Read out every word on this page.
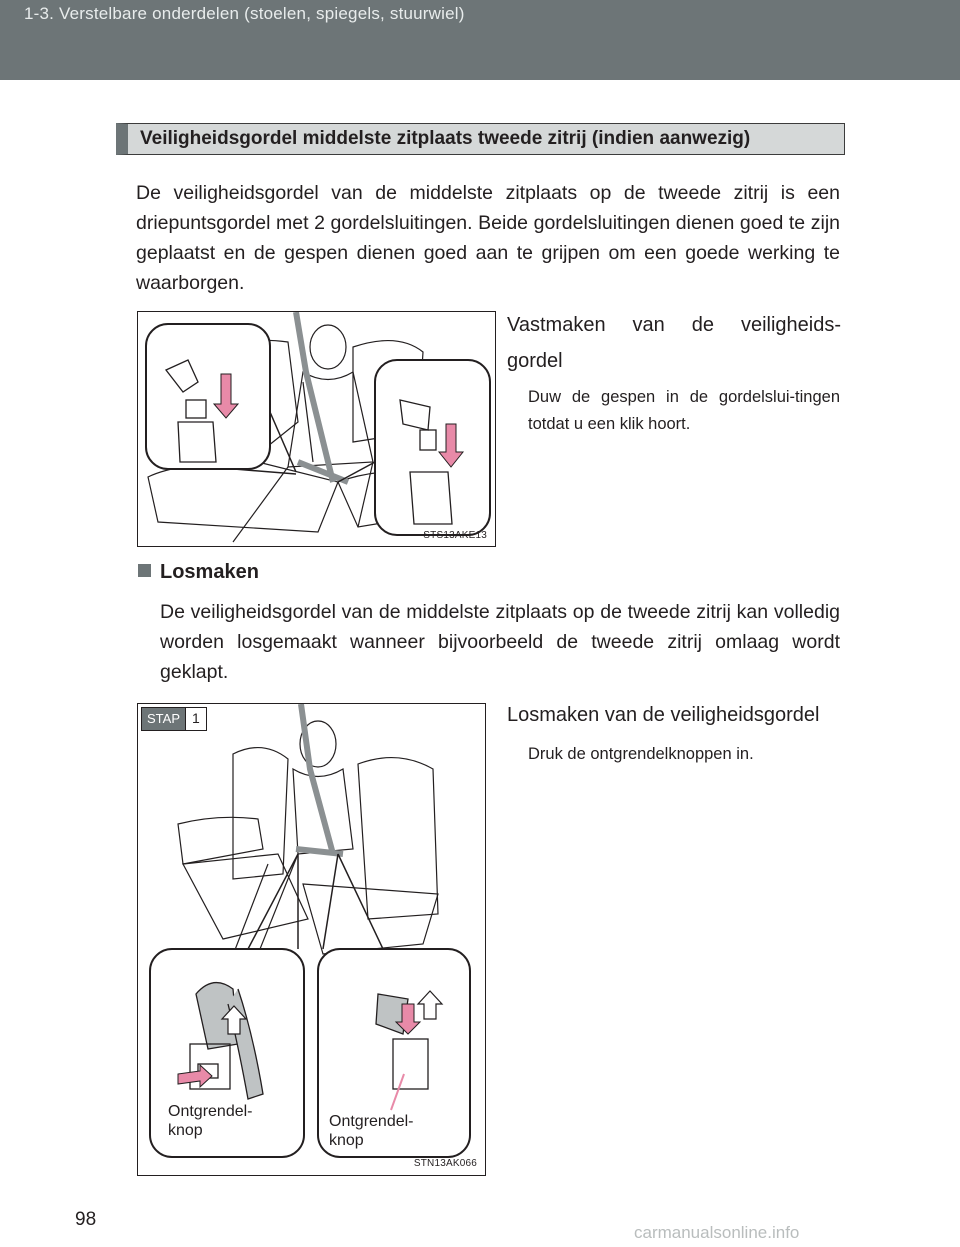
1-3. Verstelbare onderdelen (stoelen, spiegels, stuurwiel)
Veiligheidsgordel middelste zitplaats tweede zitrij (indien aanwezig)
De veiligheidsgordel van de middelste zitplaats op de tweede zitrij is een driepuntsgordel met 2 gordelsluitingen. Beide gordelsluitingen dienen goed te zijn geplaatst en de gespen dienen goed aan te grijpen om een goede werking te waarborgen.
STS13AKE13
Vastmaken van de veiligheids-
gordel
Duw de gespen in de gordelslui-tingen totdat u een klik hoort.
Losmaken
De veiligheidsgordel van de middelste zitplaats op de tweede zitrij kan volledig worden losgemaakt wanneer bijvoorbeeld de tweede zitrij omlaag wordt geklapt.
STAP 1
Ontgrendel-
knop
Ontgrendel-
knop
STN13AK066
Losmaken van de veiligheidsgordel
Druk de ontgrendelknoppen in.
98
carmanualsonline.info
